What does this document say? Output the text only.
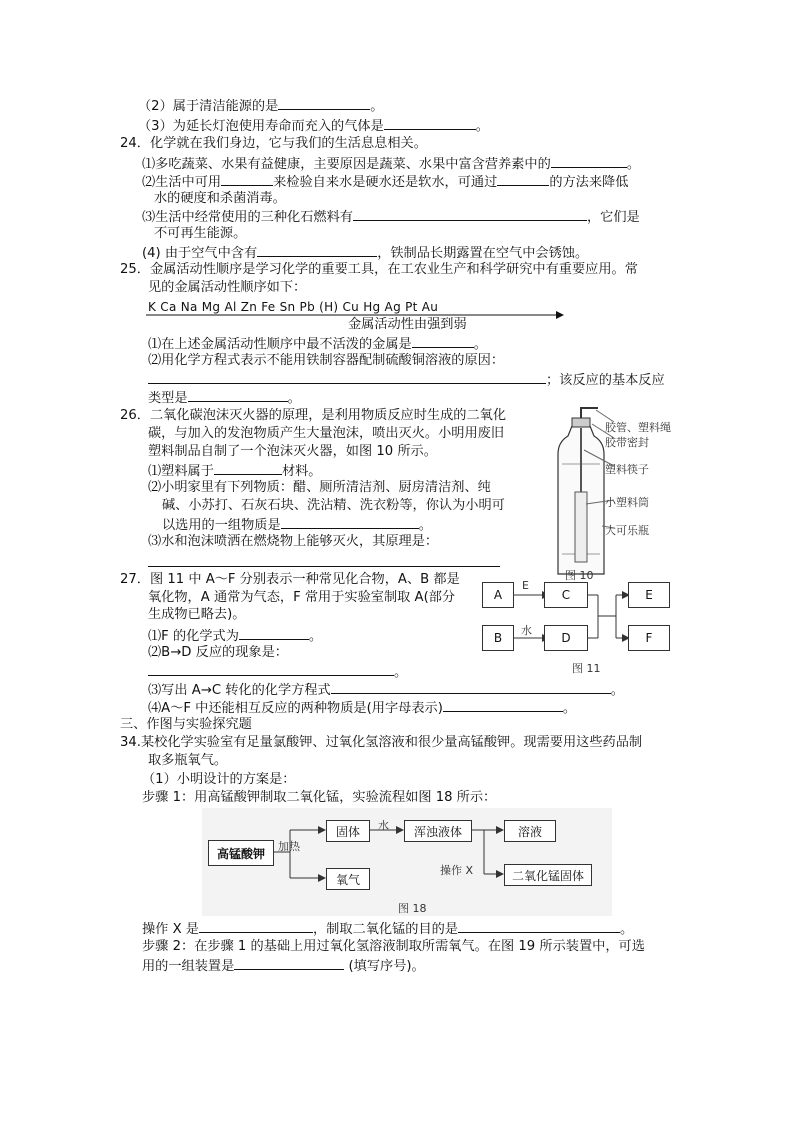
（2）属于清洁能源的是	。
（3）为延长灯泡使用寿命而充入的气体是	。
24．化学就在我们身边，它与我们的生活息息相关。
⑴多吃蔬菜、水果有益健康，主要原因是蔬菜、水果中富含营养素中的	。
⑵生活中可用	来检验自来水是硬水还是软水，可通过	的方法来降低
水的硬度和杀菌消毒。
⑶生活中经常使用的三种化石燃料有	，它们是
不可再生能源。
(4) 由于空气中含有	，铁制品长期露置在空气中会锈蚀。
25．金属活动性顺序是学习化学的重要工具，在工农业生产和科学研究中有重要应用。常
见的金属活动性顺序如下：
K Ca Na Mg Al Zn Fe Sn Pb (H) Cu Hg Ag Pt Au
金属活动性由强到弱
⑴在上述金属活动性顺序中最不活泼的金属是	。
⑵用化学方程式表示不能用铁制容器配制硫酸铜溶液的原因：
；该反应的基本反应
类型是	。
26．二氧化碳泡沫灭火器的原理，是利用物质反应时生成的二氧化
碳，与加入的发泡物质产生大量泡沫，喷出灭火。小明用废旧
塑料制品自制了一个泡沫灭火器，如图 10 所示。
⑴塑料属于	材料。
⑵小明家里有下列物质：醋、厕所清洁剂、厨房清洁剂、纯
碱、小苏打、石灰石块、洗沾精、洗衣粉等，你认为小明可
以选用的一组物质是	。
⑶水和泡沫喷洒在燃烧物上能够灭火，其原理是：
胶管、塑料绳
胶带密封
塑料筷子
小塑料筒
大可乐瓶
图 10
27．图 11 中 A～F 分别表示一种常见化合物，A、B 都是
氧化物，A 通常为气态，F 常用于实验室制取 A(部分
生成物已略去)。
⑴F 的化学式为	。
⑵B→D 反应的现象是：
。
⑶写出 A→C 转化的化学方程式	。
⑷A～F 中还能相互反应的两种物质是(用字母表示)	。
A	C	E
B	D	F
E
水
图 11
三、作图与实验探究题
34.某校化学实验室有足量氯酸钾、过氧化氢溶液和很少量高锰酸钾。现需要用这些药品制
取多瓶氧气。
（1）小明设计的方案是：
步骤 1：用高锰酸钾制取二氧化锰，实验流程如图 18 所示：
高锰酸钾
固体
氧气
浑浊液体	溶液
二氧化锰固体
加热
水
操作 X
图 18
操作 X 是	，制取二氧化锰的目的是	。
步骤 2：在步骤 1 的基础上用过氧化氢溶液制取所需氧气。在图 19 所示装置中，可选
用的一组装置是	(填写序号)。
